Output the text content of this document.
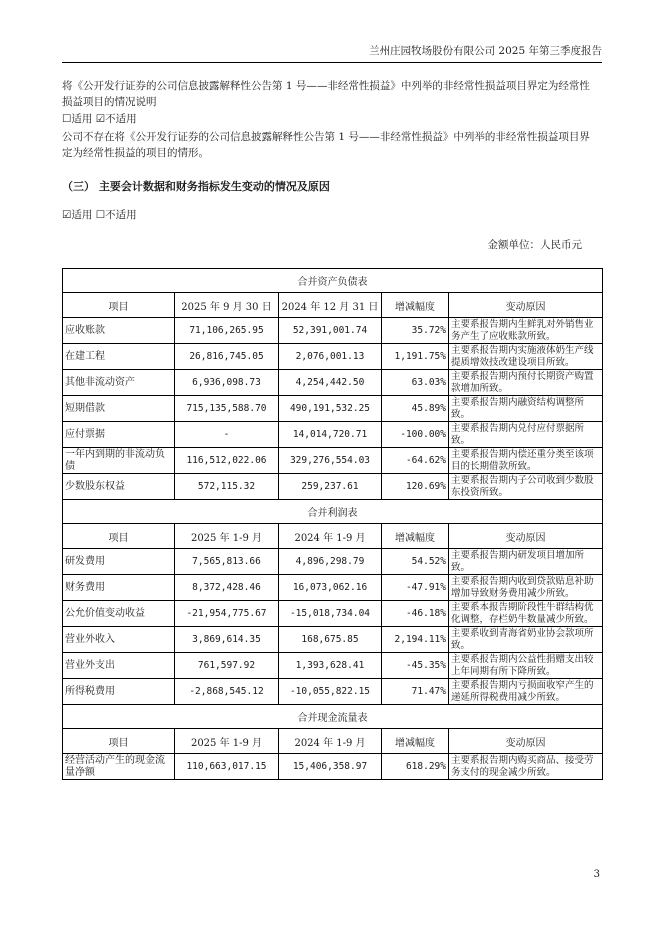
兰州庄园牧场股份有限公司 2025 年第三季度报告
将《公开发行证券的公司信息披露解释性公告第 1 号——非经常性损益》中列举的非经常性损益项目界定为经常性损益项目的情况说明
☐适用 ☑不适用
公司不存在将《公开发行证券的公司信息披露解释性公告第 1 号——非经常性损益》中列举的非经常性损益项目界定为经常性损益的项目的情形。
（三） 主要会计数据和财务指标发生变动的情况及原因
☑适用 ☐不适用
金额单位：人民币元
合并资产负债表				
项目	2025 年 9 月 30 日	2024 年 12 月 31 日	增减幅度	变动原因
应收账款	71,106,265.95	52,391,001.74	35.72%	主要系报告期内生鲜乳对外销售业务产生了应收账款所致。
在建工程	26,816,745.05	2,076,001.13	1,191.75%	主要系报告期内实施液体奶生产线提质增效技改建设项目所致。
其他非流动资产	6,936,098.73	4,254,442.50	63.03%	主要系报告期内预付长期资产购置款增加所致。
短期借款	715,135,588.70	490,191,532.25	45.89%	主要系报告期内融资结构调整所致。
应付票据	-	14,014,720.71	-100.00%	主要系报告期内兑付应付票据所致。
一年内到期的非流动负债	116,512,022.06	329,276,554.03	-64.62%	主要系报告期内偿还重分类至该项目的长期借款所致。
少数股东权益	572,115.32	259,237.61	120.69%	主要系报告期内子公司收到少数股东投资所致。
合并利润表				
项目	2025 年 1-9 月	2024 年 1-9 月	增减幅度	变动原因
研发费用	7,565,813.66	4,896,298.79	54.52%	主要系报告期内研发项目增加所致。
财务费用	8,372,428.46	16,073,062.16	-47.91%	主要系报告期内收到贷款贴息补助增加导致财务费用减少所致。
公允价值变动收益	-21,954,775.67	-15,018,734.04	-46.18%	主要系本报告期阶段性牛群结构优化调整，存栏奶牛数量减少所致。
营业外收入	3,869,614.35	168,675.85	2,194.11%	主要系收到青海省奶业协会款项所致。
营业外支出	761,597.92	1,393,628.41	-45.35%	主要系报告期内公益性捐赠支出较上年同期有所下降所致。
所得税费用	-2,868,545.12	-10,055,822.15	71.47%	主要系报告期内亏损面收窄产生的递延所得税费用减少所致。
合并现金流量表				
项目	2025 年 1-9 月	2024 年 1-9 月	增减幅度	变动原因
经营活动产生的现金流量净额	110,663,017.15	15,406,358.97	618.29%	主要系报告期内购买商品、接受劳务支付的现金减少所致。
3
